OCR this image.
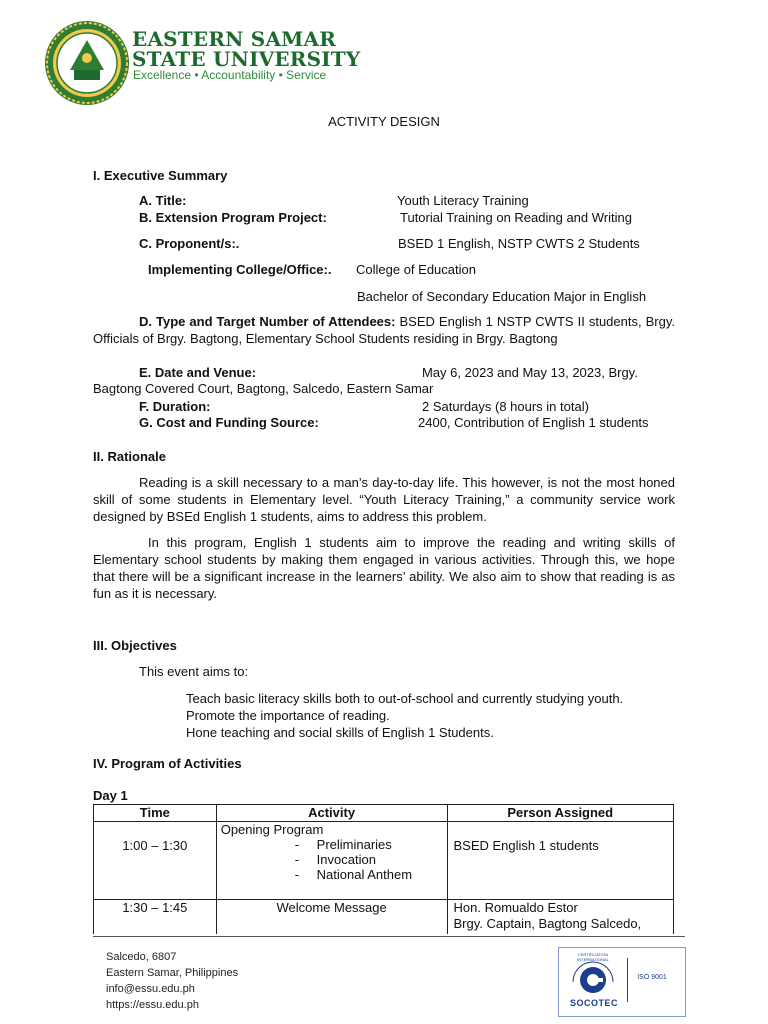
EASTERN SAMAR
STATE UNIVERSITY
Excellence • Accountability • Service
ACTIVITY DESIGN
I. Executive Summary
A. Title:	Youth Literacy Training
B. Extension Program Project:	Tutorial Training on Reading and Writing
C. Proponent/s:.	BSED 1 English, NSTP CWTS 2 Students
Implementing College/Office:. College of Education
Bachelor of Secondary Education Major in English
D. Type and Target Number of Attendees: BSED English 1 NSTP CWTS II students, Brgy. Officials of Brgy. Bagtong, Elementary School Students residing in Brgy. Bagtong
E. Date and Venue:	May 6, 2023 and May 13, 2023, Brgy.
Bagtong Covered Court, Bagtong, Salcedo, Eastern Samar
F. Duration:	2 Saturdays (8 hours in total)
G. Cost and Funding Source:	2400, Contribution of English 1 students
II. Rationale
Reading is a skill necessary to a man’s day-to-day life. This however, is not the most honed skill of some students in Elementary level. “Youth Literacy Training,” a community service work designed by BSEd English 1 students, aims to address this problem.
In this program, English 1 students aim to improve the reading and writing skills of Elementary school students by making them engaged in various activities. Through this, we hope that there will be a significant increase in the learners’ ability. We also aim to show that reading is as fun as it is necessary.
III. Objectives
This event aims to:
Teach basic literacy skills both to out-of-school and currently studying youth.
Promote the importance of reading.
Hone teaching and social skills of English 1 Students.
IV. Program of Activities
Day 1
Time	Activity	Person Assigned

1:00 – 1:30	Opening Program
- Preliminaries
- Invocation
- National Anthem	BSED English 1 students

1:30 – 1:45	Welcome Message	Hon. Romualdo Estor
Brgy. Captain, Bagtong Salcedo,
Salcedo, 6807
Eastern Samar, Philippines
info@essu.edu.ph
https://essu.edu.ph
CERTIFICATION INTERNATIONAL
SOCOTEC
ISO 9001
